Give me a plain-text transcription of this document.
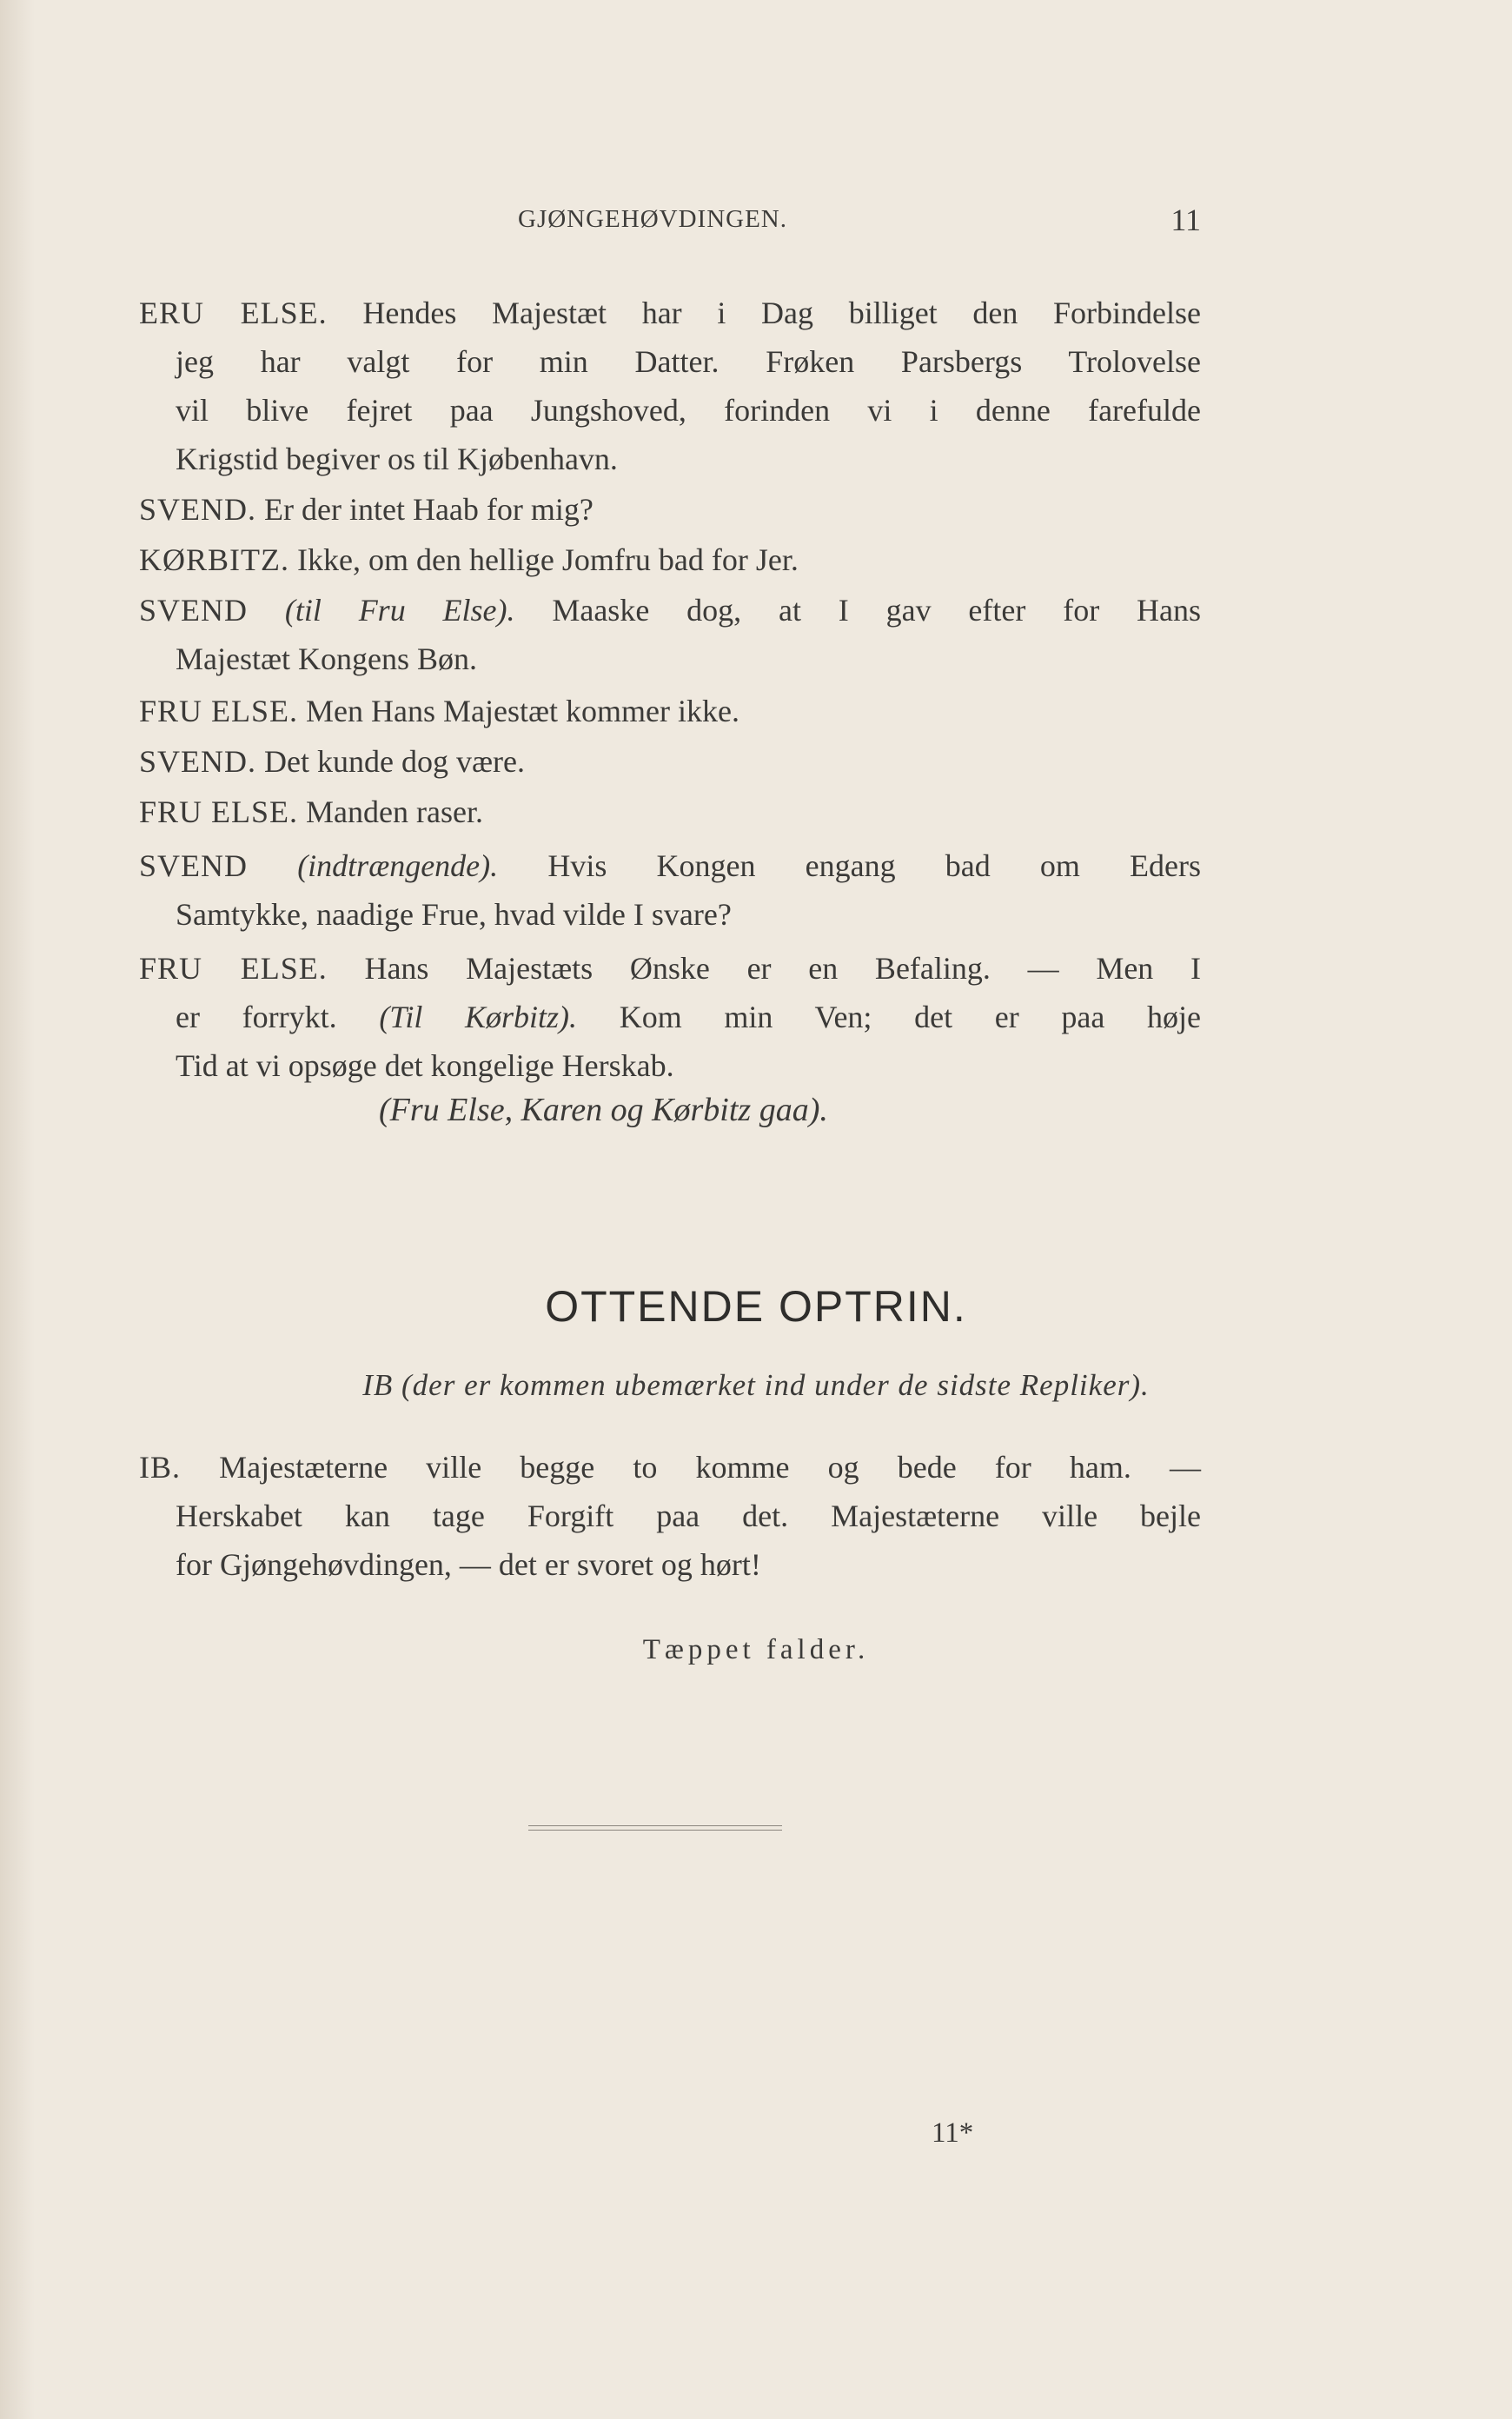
GJØNGEHØVDINGEN.	11
ERU ELSE. Hendes Majestæt har i Dag billiget den Forbindelse
jeg har valgt for min Datter. Frøken Parsbergs Trolovelse
vil blive fejret paa Jungshoved, forinden vi i denne farefulde
Krigstid begiver os til Kjøbenhavn.
SVEND. Er der intet Haab for mig?
KØRBITZ. Ikke, om den hellige Jomfru bad for Jer.
SVEND (til Fru Else). Maaske dog, at I gav efter for Hans
Majestæt Kongens Bøn.
FRU ELSE. Men Hans Majestæt kommer ikke.
SVEND. Det kunde dog være.
FRU ELSE. Manden raser.
SVEND (indtrængende). Hvis Kongen engang bad om Eders
Samtykke, naadige Frue, hvad vilde I svare?
FRU ELSE. Hans Majestæts Ønske er en Befaling. — Men I
er forrykt. (Til Kørbitz). Kom min Ven; det er paa høje
Tid at vi opsøge det kongelige Herskab.
(Fru Else, Karen og Kørbitz gaa).
OTTENDE OPTRIN.
IB (der er kommen ubemærket ind under de sidste Repliker).
IB. Majestæterne ville begge to komme og bede for ham. —
Herskabet kan tage Forgift paa det. Majestæterne ville bejle
for Gjøngehøvdingen, — det er svoret og hørt!
Tæppet falder.
11*
